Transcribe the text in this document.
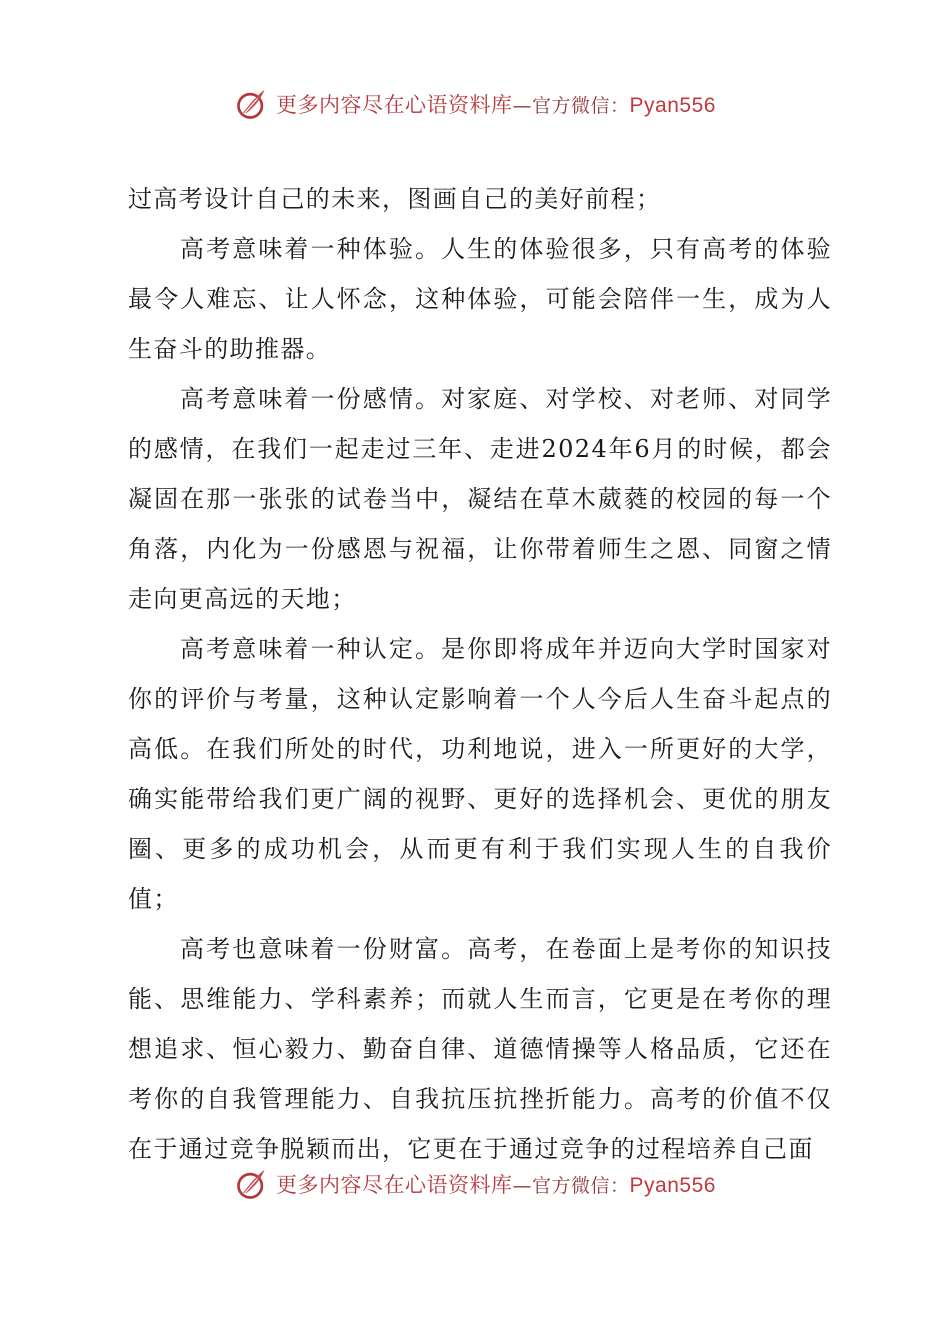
更多内容尽在心语资料库—官方微信：Pyan556

过高考设计自己的未来，图画自己的美好前程；

高考意味着一种体验。人生的体验很多，只有高考的体验最令人难忘、让人怀念，这种体验，可能会陪伴一生，成为人生奋斗的助推器。

高考意味着一份感情。对家庭、对学校、对老师、对同学的感情，在我们一起走过三年、走进2024年6月的时候，都会凝固在那一张张的试卷当中，凝结在草木葳蕤的校园的每一个角落，内化为一份感恩与祝福，让你带着师生之恩、同窗之情走向更高远的天地；

高考意味着一种认定。是你即将成年并迈向大学时国家对你的评价与考量，这种认定影响着一个人今后人生奋斗起点的高低。在我们所处的时代，功利地说，进入一所更好的大学，确实能带给我们更广阔的视野、更好的选择机会、更优的朋友圈、更多的成功机会，从而更有利于我们实现人生的自我价值；

高考也意味着一份财富。高考，在卷面上是考你的知识技能、思维能力、学科素养；而就人生而言，它更是在考你的理想追求、恒心毅力、勤奋自律、道德情操等人格品质，它还在考你的自我管理能力、自我抗压抗挫折能力。高考的价值不仅在于通过竞争脱颖而出，它更在于通过竞争的过程培养自己面

更多内容尽在心语资料库—官方微信：Pyan556
